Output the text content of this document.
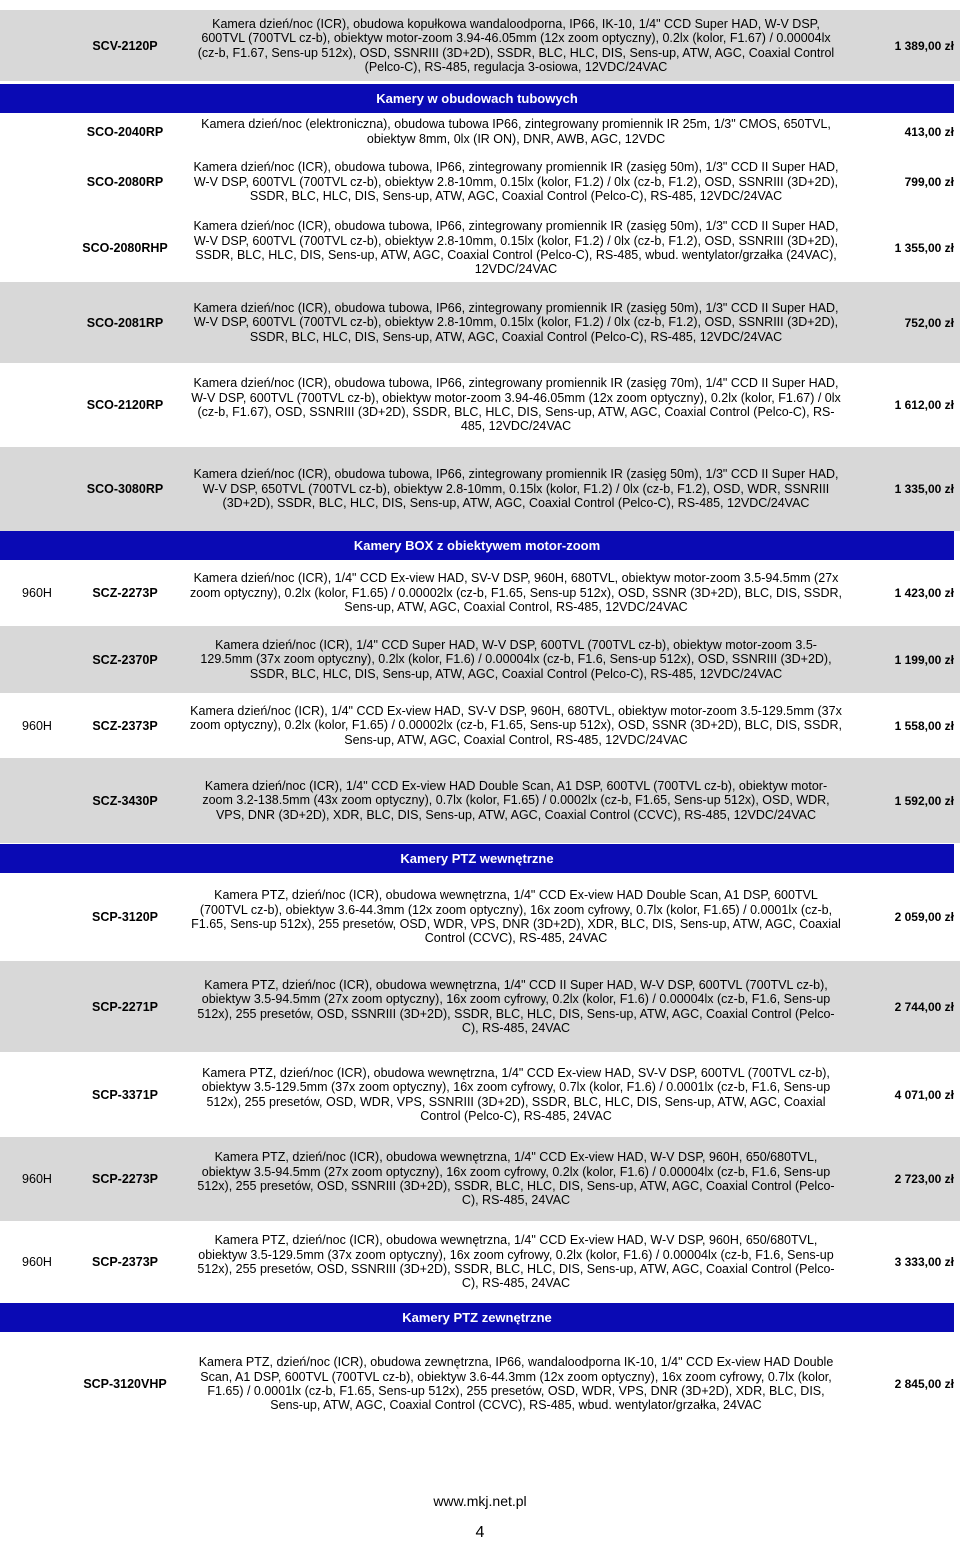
SCV-2120P
Kamera dzień/noc (ICR), obudowa kopułkowa wandaloodporna, IP66, IK-10, 1/4" CCD Super HAD, W-V DSP, 600TVL (700TVL cz-b), obiektyw motor-zoom 3.94-46.05mm (12x zoom optyczny), 0.2lx (kolor, F1.67) / 0.00004lx (cz-b, F1.67, Sens-up 512x), OSD, SSNRIII (3D+2D), SSDR, BLC, HLC, DIS, Sens-up, ATW, AGC, Coaxial Control (Pelco-C), RS-485, regulacja 3-osiowa, 12VDC/24VAC
1 389,00 zł
Kamery w obudowach tubowych
SCO-2040RP
Kamera dzień/noc (elektroniczna), obudowa tubowa IP66, zintegrowany promiennik IR 25m, 1/3" CMOS, 650TVL, obiektyw 8mm, 0lx (IR ON), DNR, AWB, AGC, 12VDC	413,00 zł
SCO-2080RP
Kamera dzień/noc (ICR), obudowa tubowa, IP66, zintegrowany promiennik IR (zasięg 50m), 1/3" CCD II Super HAD, W-V DSP, 600TVL (700TVL cz-b), obiektyw 2.8-10mm, 0.15lx (kolor, F1.2) / 0lx (cz-b, F1.2), OSD, SSNRIII (3D+2D), SSDR, BLC, HLC, DIS, Sens-up, ATW, AGC, Coaxial Control (Pelco-C), RS-485, 12VDC/24VAC
799,00 zł
SCO-2080RHP
Kamera dzień/noc (ICR), obudowa tubowa, IP66, zintegrowany promiennik IR (zasięg 50m), 1/3" CCD II Super HAD, W-V DSP, 600TVL (700TVL cz-b), obiektyw 2.8-10mm, 0.15lx (kolor, F1.2) / 0lx (cz-b, F1.2), OSD, SSNRIII (3D+2D), SSDR, BLC, HLC, DIS, Sens-up, ATW, AGC, Coaxial Control (Pelco-C), RS-485, wbud. wentylator/grzałka (24VAC), 12VDC/24VAC
1 355,00 zł
SCO-2081RP
Kamera dzień/noc (ICR), obudowa tubowa, IP66, zintegrowany promiennik IR (zasięg 50m), 1/3" CCD II Super HAD, W-V DSP, 600TVL (700TVL cz-b), obiektyw 2.8-10mm, 0.15lx (kolor, F1.2) / 0lx (cz-b, F1.2), OSD, SSNRIII (3D+2D), SSDR, BLC, HLC, DIS, Sens-up, ATW, AGC, Coaxial Control (Pelco-C), RS-485, 12VDC/24VAC
752,00 zł
SCO-2120RP
Kamera dzień/noc (ICR), obudowa tubowa, IP66, zintegrowany promiennik IR (zasięg 70m), 1/4" CCD II Super HAD, W-V DSP, 600TVL (700TVL cz-b), obiektyw motor-zoom 3.94-46.05mm (12x zoom optyczny), 0.2lx (kolor, F1.67) / 0lx (cz-b, F1.67), OSD, SSNRIII (3D+2D), SSDR, BLC, HLC, DIS, Sens-up, ATW, AGC, Coaxial Control (Pelco-C), RS-485, 12VDC/24VAC
1 612,00 zł
SCO-3080RP
Kamera dzień/noc (ICR), obudowa tubowa, IP66, zintegrowany promiennik IR (zasięg 50m), 1/3" CCD II Super HAD, W-V DSP, 650TVL (700TVL cz-b), obiektyw 2.8-10mm, 0.15lx (kolor, F1.2) / 0lx (cz-b, F1.2), OSD, WDR, SSNRIII (3D+2D), SSDR, BLC, HLC, DIS, Sens-up, ATW, AGC, Coaxial Control (Pelco-C), RS-485, 12VDC/24VAC
1 335,00 zł
Kamery BOX z obiektywem motor-zoom
960H	SCZ-2273P
Kamera dzień/noc (ICR), 1/4" CCD Ex-view HAD, SV-V DSP, 960H, 680TVL, obiektyw motor-zoom 3.5-94.5mm (27x zoom optyczny), 0.2lx (kolor, F1.65) / 0.00002lx (cz-b, F1.65, Sens-up 512x), OSD, SSNR (3D+2D), BLC, DIS, SSDR, Sens-up, ATW, AGC, Coaxial Control, RS-485, 12VDC/24VAC
1 423,00 zł
SCZ-2370P
Kamera dzień/noc (ICR), 1/4" CCD Super HAD, W-V DSP, 600TVL (700TVL cz-b), obiektyw motor-zoom 3.5-129.5mm (37x zoom optyczny), 0.2lx (kolor, F1.6) / 0.00004lx (cz-b, F1.6, Sens-up 512x), OSD, SSNRIII (3D+2D), SSDR, BLC, HLC, DIS, Sens-up, ATW, AGC, Coaxial Control (Pelco-C), RS-485, 12VDC/24VAC
1 199,00 zł
960H	SCZ-2373P
Kamera dzień/noc (ICR), 1/4" CCD Ex-view HAD, SV-V DSP, 960H, 680TVL, obiektyw motor-zoom 3.5-129.5mm (37x zoom optyczny), 0.2lx (kolor, F1.65) / 0.00002lx (cz-b, F1.65, Sens-up 512x), OSD, SSNR (3D+2D), BLC, DIS, SSDR, Sens-up, ATW, AGC, Coaxial Control, RS-485, 12VDC/24VAC
1 558,00 zł
SCZ-3430P
Kamera dzień/noc (ICR), 1/4" CCD Ex-view HAD Double Scan, A1 DSP, 600TVL (700TVL cz-b), obiektyw motor-zoom 3.2-138.5mm (43x zoom optyczny), 0.7lx (kolor, F1.65) / 0.0002lx (cz-b, F1.65, Sens-up 512x), OSD, WDR, VPS, DNR (3D+2D), XDR, BLC, DIS, Sens-up, ATW, AGC, Coaxial Control (CCVC), RS-485, 12VDC/24VAC
1 592,00 zł
Kamery PTZ wewnętrzne
SCP-3120P
Kamera PTZ, dzień/noc (ICR), obudowa wewnętrzna, 1/4" CCD Ex-view HAD Double Scan, A1 DSP, 600TVL (700TVL cz-b), obiektyw 3.6-44.3mm (12x zoom optyczny), 16x zoom cyfrowy, 0.7lx (kolor, F1.65) / 0.0001lx (cz-b, F1.65, Sens-up 512x), 255 presetów, OSD, WDR, VPS, DNR (3D+2D), XDR, BLC, DIS, Sens-up, ATW, AGC, Coaxial Control (CCVC), RS-485, 24VAC
2 059,00 zł
SCP-2271P
Kamera PTZ, dzień/noc (ICR), obudowa wewnętrzna, 1/4" CCD II Super HAD, W-V DSP, 600TVL (700TVL cz-b), obiektyw 3.5-94.5mm (27x zoom optyczny), 16x zoom cyfrowy, 0.2lx (kolor, F1.6) / 0.00004lx (cz-b, F1.6, Sens-up 512x), 255 presetów, OSD, SSNRIII (3D+2D), SSDR, BLC, HLC, DIS, Sens-up, ATW, AGC, Coaxial Control (Pelco-C), RS-485, 24VAC
2 744,00 zł
SCP-3371P
Kamera PTZ, dzień/noc (ICR), obudowa wewnętrzna, 1/4" CCD Ex-view HAD, SV-V DSP, 600TVL (700TVL cz-b), obiektyw 3.5-129.5mm (37x zoom optyczny), 16x zoom cyfrowy, 0.7lx (kolor, F1.6) / 0.0001lx (cz-b, F1.6, Sens-up 512x), 255 presetów, OSD, WDR, VPS, SSNRIII (3D+2D), SSDR, BLC, HLC, DIS, Sens-up, ATW, AGC, Coaxial Control (Pelco-C), RS-485, 24VAC
4 071,00 zł
960H	SCP-2273P
Kamera PTZ, dzień/noc (ICR), obudowa wewnętrzna, 1/4" CCD Ex-view HAD, W-V DSP, 960H, 650/680TVL, obiektyw 3.5-94.5mm (27x zoom optyczny), 16x zoom cyfrowy, 0.2lx (kolor, F1.6) / 0.00004lx (cz-b, F1.6, Sens-up 512x), 255 presetów, OSD, SSNRIII (3D+2D), SSDR, BLC, HLC, DIS, Sens-up, ATW, AGC, Coaxial Control (Pelco-C), RS-485, 24VAC
2 723,00 zł
960H	SCP-2373P
Kamera PTZ, dzień/noc (ICR), obudowa wewnętrzna, 1/4" CCD Ex-view HAD, W-V DSP, 960H, 650/680TVL, obiektyw 3.5-129.5mm (37x zoom optyczny), 16x zoom cyfrowy, 0.2lx (kolor, F1.6) / 0.00004lx (cz-b, F1.6, Sens-up 512x), 255 presetów, OSD, SSNRIII (3D+2D), SSDR, BLC, HLC, DIS, Sens-up, ATW, AGC, Coaxial Control (Pelco-C), RS-485, 24VAC
3 333,00 zł
Kamery PTZ zewnętrzne
SCP-3120VHP
Kamera PTZ, dzień/noc (ICR), obudowa zewnętrzna, IP66, wandaloodporna IK-10, 1/4" CCD Ex-view HAD Double Scan, A1 DSP, 600TVL (700TVL cz-b), obiektyw 3.6-44.3mm (12x zoom optyczny), 16x zoom cyfrowy, 0.7lx (kolor, F1.65) / 0.0001lx (cz-b, F1.65, Sens-up 512x), 255 presetów, OSD, WDR, VPS, DNR (3D+2D), XDR, BLC, DIS, Sens-up, ATW, AGC, Coaxial Control (CCVC), RS-485, wbud. wentylator/grzałka, 24VAC
2 845,00 zł
www.mkj.net.pl
4
